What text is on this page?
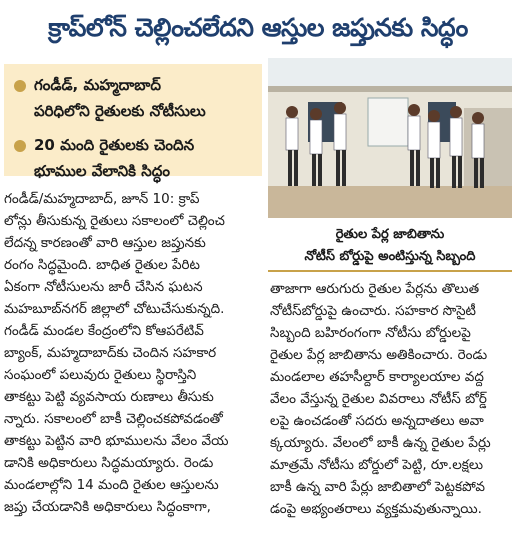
క్రాప్‌లోన్ చెల్లించలేదని ఆస్తుల జప్తునకు సిద్ధం
గండీడ్, మహ్మదాబాద్
పరిధిలోని రైతులకు నోటీసులు
20 మంది రైతులకు చెందిన
భూముల వేలానికి సిద్ధం
రైతుల పేర్ల జాబితాను
నోటీస్ బోర్డుపై అంటిస్తున్న సిబ్బంది
గండీడ్/మహ్మదాబాద్, జూన్ 10: క్రాప్
లోన్లు తీసుకున్న రైతులు సకాలంలో చెల్లించ
లేదన్న కారణంతో వారి ఆస్తుల జప్తునకు
రంగం సిద్ధమైంది. బాధిత రైతుల పేరిట
ఏకంగా నోటీసులను జారీ చేసిన ఘటన
మహబూబ్‌నగర్ జిల్లాలో చోటుచేసుకున్నది.
గండీడ్ మండల కేంద్రంలోని కోఆపరేటివ్
బ్యాంక్, మహ్మదాబాద్‌కు చెందిన సహకార
సంఘంలో పలువురు రైతులు స్థిరాస్తిని
తాకట్టు పెట్టి వ్యవసాయ రుణాలు తీసుకు
న్నారు. సకాలంలో బాకీ చెల్లించకపోవడంతో
తాకట్టు పెట్టిన వారి భూములను వేలం వేయ
డానికి అధికారులు సిద్ధమయ్యారు. రెండు
మండలాల్లోని 14 మంది రైతుల ఆస్తులను
జప్తు చేయడానికి అధికారులు సిద్ధంకాగా,
తాజాగా ఆరుగురు రైతుల పేర్లను తొలుత
నోటీస్‌బోర్డుపై ఉంచారు. సహకార సొసైటీ
సిబ్బంది బహిరంగంగా నోటీసు బోర్డులపై
రైతుల పేర్ల జాబితాను అతికించారు. రెండు
మండలాల తహసీల్దార్ కార్యాలయాల వద్ద
వేలం వేస్తున్న రైతుల వివరాలు నోటీస్ బోర్డ్
లపై ఉంచడంతో సదరు అన్నదాతలు అవా
క్కయ్యారు. వేలంలో బాకీ ఉన్న రైతుల పేర్లు
మాత్రమే నోటీసు బోర్డులో పెట్టి, రూ.లక్షలు
బాకీ ఉన్న వారి పేర్లు జాబితాలో పెట్టకపోవ
డంపై అభ్యంతరాలు వ్యక్తమవుతున్నాయి.
